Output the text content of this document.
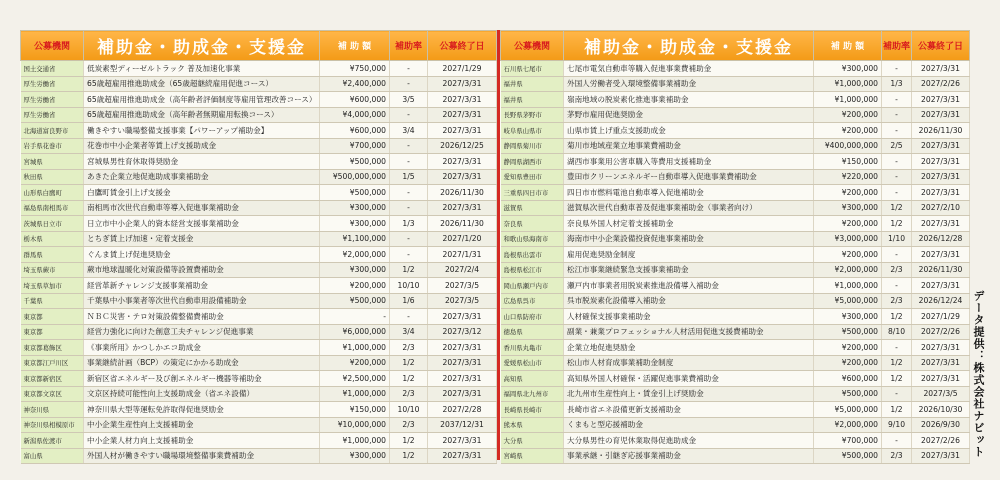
公募機関	補助金・助成金・支援金	補 助 額	補助率	公募終了日
国土交通省	低炭素型ディーゼルトラック 普及加速化事業	¥750,000	-	2027/1/29
厚生労働省	65歳超雇用推進助成金（65歳超継続雇用促進コース）	¥2,400,000	-	2027/3/31
厚生労働省	65歳超雇用推進助成金（高年齢者評価制度等雇用管理改善コース）	¥600,000	3/5	2027/3/31
厚生労働省	65歳超雇用推進助成金（高年齢者無期雇用転換コース）	¥4,000,000	-	2027/3/31
北海道富良野市	働きやすい職場整備支援事業【パワーアップ補助金】	¥600,000	3/4	2027/3/31
岩手県花巻市	花巻市中小企業者等賃上げ支援助成金	¥700,000	-	2026/12/25
宮城県	宮城県男性育休取得奨励金	¥500,000	-	2027/3/31
秋田県	あきた企業立地促進助成事業補助金	¥500,000,000	1/5	2027/3/31
山形県白鷹町	白鷹町賃金引上げ支援金	¥500,000	-	2026/11/30
福島県南相馬市	南相馬市次世代自動車等導入促進事業補助金	¥300,000	-	2027/3/31
茨城県日立市	日立市中小企業人的資本経営支援事業補助金	¥300,000	1/3	2026/11/30
栃木県	とちぎ賃上げ加速・定着支援金	¥1,100,000	-	2027/1/20
群馬県	ぐんま賃上げ促進奨励金	¥2,000,000	-	2027/1/31
埼玉県蕨市	蕨市地球温暖化対策設備等設置費補助金	¥300,000	1/2	2027/2/4
埼玉県草加市	経営革新チャレンジ支援事業補助金	¥200,000	10/10	2027/3/5
千葉県	千葉県中小事業者等次世代自動車用設備補助金	¥500,000	1/6	2027/3/5
東京都	ＮＢＣ災害・テロ対策設備整備費補助金	-	-	2027/3/31
東京都	経営力強化に向けた創意工夫チャレンジ促進事業	¥6,000,000	3/4	2027/3/12
東京都葛飾区	《事業所用》かつしかエコ助成金	¥1,000,000	2/3	2027/3/31
東京都江戸川区	事業継続計画（BCP）の策定にかかる助成金	¥200,000	1/2	2027/3/31
東京都新宿区	新宿区省エネルギー及び創エネルギー機器等補助金	¥2,500,000	1/2	2027/3/31
東京都文京区	文京区持続可能性向上支援助成金（省エネ設備）	¥1,000,000	2/3	2027/3/31
神奈川県	神奈川県大型等運転免許取得促進奨励金	¥150,000	10/10	2027/2/28
神奈川県相模原市	中小企業生産性向上支援補助金	¥10,000,000	2/3	2037/12/31
新潟県佐渡市	中小企業人材力向上支援補助金	¥1,000,000	1/2	2027/3/31
富山県	外国人材が働きやすい職場環境整備事業費補助金	¥300,000	1/2	2027/3/31
公募機関	補助金・助成金・支援金	補 助 額	補助率	公募終了日
石川県七尾市	七尾市電気自動車等購入促進事業費補助金	¥300,000	-	2027/3/31
福井県	外国人労働者受入環境整備事業補助金	¥1,000,000	1/3	2027/2/26
福井県	嶺南地域の脱炭素化推進事業補助金	¥1,000,000	-	2027/3/31
長野県茅野市	茅野市雇用促進奨励金	¥200,000	-	2027/3/31
岐阜県山県市	山県市賃上げ重点支援助成金	¥200,000	-	2026/11/30
静岡県菊川市	菊川市地域産業立地事業費補助金	¥400,000,000	2/5	2027/3/31
静岡県湖西市	湖西市事業用公害車購入等費用支援補助金	¥150,000	-	2027/3/31
愛知県豊田市	豊田市クリーンエネルギー自動車導入促進事業費補助金	¥220,000	-	2027/3/31
三重県四日市市	四日市市燃料電池自動車導入促進補助金	¥200,000	-	2027/3/31
滋賀県	滋賀県次世代自動車普及促進事業補助金（事業者向け）	¥300,000	1/2	2027/2/10
奈良県	奈良県外国人材定着支援補助金	¥200,000	1/2	2027/3/31
和歌山県海南市	海南市中小企業設備投資促進事業補助金	¥3,000,000	1/10	2026/12/28
島根県出雲市	雇用促進奨励金制度	¥200,000	-	2027/3/31
島根県松江市	松江市事業継続緊急支援事業補助金	¥2,000,000	2/3	2026/11/30
岡山県瀬戸内市	瀬戸内市事業者用脱炭素推進設備導入補助金	¥1,000,000	-	2027/3/31
広島県呉市	呉市脱炭素化設備導入補助金	¥5,000,000	2/3	2026/12/24
山口県防府市	人材確保支援事業補助金	¥300,000	1/2	2027/1/29
徳島県	副業・兼業プロフェッショナル人材活用促進支援費補助金	¥500,000	8/10	2027/2/26
香川県丸亀市	企業立地促進奨励金	¥200,000	-	2027/3/31
愛媛県松山市	松山市人材育成事業補助金制度	¥200,000	1/2	2027/3/31
高知県	高知県外国人材確保・活躍促進事業費補助金	¥600,000	1/2	2027/3/31
福岡県北九州市	北九州市生産性向上・賃金引上げ奨励金	¥500,000	-	2027/3/5
長崎県長崎市	長崎市省エネ設備更新支援補助金	¥5,000,000	1/2	2026/10/30
熊本県	くまもと型応援補助金	¥2,000,000	9/10	2026/9/30
大分県	大分県男性の育児休業取得促進助成金	¥700,000	-	2027/2/26
宮崎県	事業承継・引継ぎ応援事業補助金	¥500,000	2/3	2027/3/31 データ提供：株式会社ナビット
